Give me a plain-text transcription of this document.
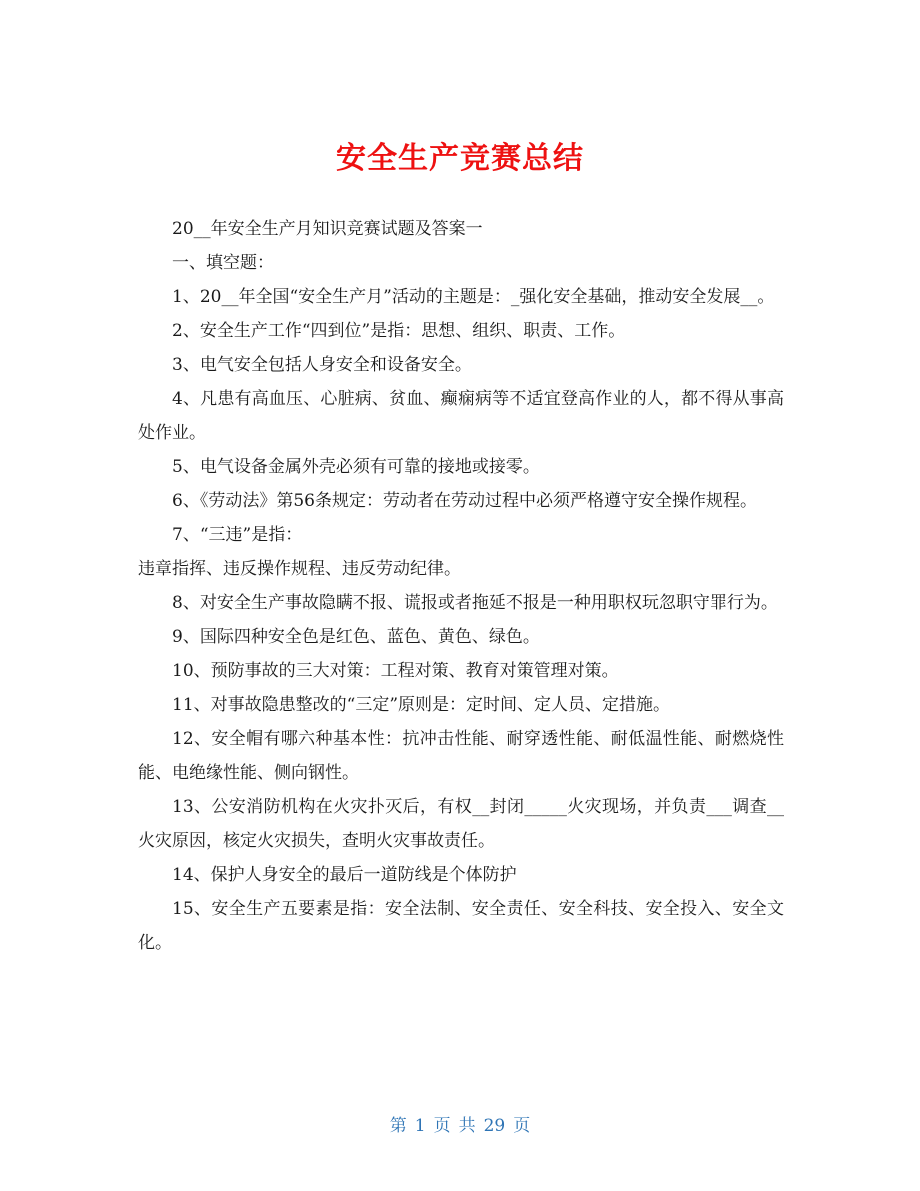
安全生产竞赛总结

20__年安全生产月知识竞赛试题及答案一

一、填空题：

1、20__年全国“安全生产月”活动的主题是：_强化安全基础，推动安全发展__。

2、安全生产工作“四到位”是指：思想、组织、职责、工作。

3、电气安全包括人身安全和设备安全。

4、凡患有高血压、心脏病、贫血、癫痫病等不适宜登高作业的人，都不得从事高处作业。

5、电气设备金属外壳必须有可靠的接地或接零。

6、《劳动法》第56条规定：劳动者在劳动过程中必须严格遵守安全操作规程。

7、“三违”是指：

违章指挥、违反操作规程、违反劳动纪律。

8、对安全生产事故隐瞒不报、谎报或者拖延不报是一种用职权玩忽职守罪行为。

9、国际四种安全色是红色、蓝色、黄色、绿色。

10、预防事故的三大对策：工程对策、教育对策管理对策。

11、对事故隐患整改的“三定”原则是：定时间、定人员、定措施。

12、安全帽有哪六种基本性：抗冲击性能、耐穿透性能、耐低温性能、耐燃烧性能、电绝缘性能、侧向钢性。

13、公安消防机构在火灾扑灭后，有权__封闭_____火灾现场，并负责___调查__火灾原因，核定火灾损失，查明火灾事故责任。

14、保护人身安全的最后一道防线是个体防护

15、安全生产五要素是指：安全法制、安全责任、安全科技、安全投入、安全文化。

第 1 页 共 29 页
